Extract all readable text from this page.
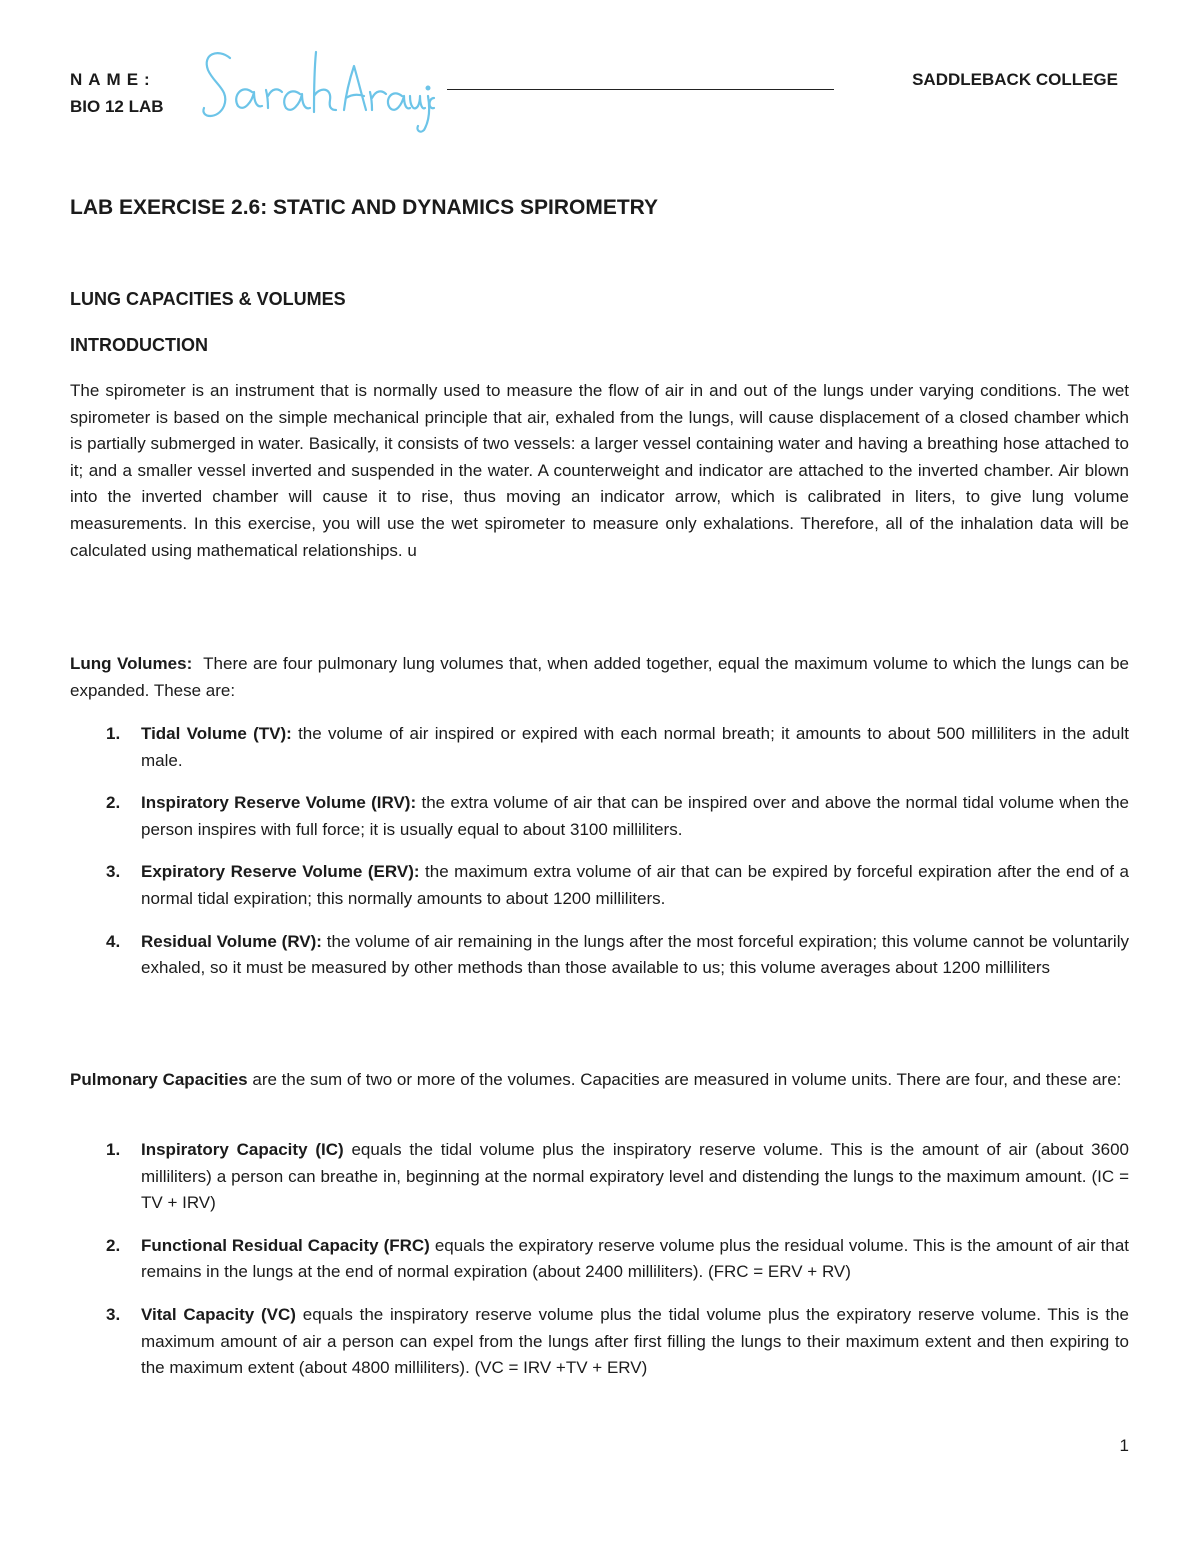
NAME:
BIO 12 LAB
SADDLEBACK COLLEGE
LAB EXERCISE 2.6: STATIC AND DYNAMICS SPIROMETRY
LUNG CAPACITIES & VOLUMES
INTRODUCTION

The spirometer is an instrument that is normally used to measure the flow of air in and out of the lungs under varying conditions. The wet spirometer is based on the simple mechanical principle that air, exhaled from the lungs, will cause displacement of a closed chamber which is partially submerged in water. Basically, it consists of two vessels: a larger vessel containing water and having a breathing hose attached to it; and a smaller vessel inverted and suspended in the water. A counterweight and indicator are attached to the inverted chamber. Air blown into the inverted chamber will cause it to rise, thus moving an indicator arrow, which is calibrated in liters, to give lung volume measurements. In this exercise, you will use the wet spirometer to measure only exhalations. Therefore, all of the inhalation data will be calculated using mathematical relationships. u

Lung Volumes: There are four pulmonary lung volumes that, when added together, equal the maximum volume to which the lungs can be expanded. These are:

1. Tidal Volume (TV): the volume of air inspired or expired with each normal breath; it amounts to about 500 milliliters in the adult male.
2. Inspiratory Reserve Volume (IRV): the extra volume of air that can be inspired over and above the normal tidal volume when the person inspires with full force; it is usually equal to about 3100 milliliters.
3. Expiratory Reserve Volume (ERV): the maximum extra volume of air that can be expired by forceful expiration after the end of a normal tidal expiration; this normally amounts to about 1200 milliliters.
4. Residual Volume (RV): the volume of air remaining in the lungs after the most forceful expiration; this volume cannot be voluntarily exhaled, so it must be measured by other methods than those available to us; this volume averages about 1200 milliliters

Pulmonary Capacities are the sum of two or more of the volumes. Capacities are measured in volume units. There are four, and these are:

1. Inspiratory Capacity (IC) equals the tidal volume plus the inspiratory reserve volume. This is the amount of air (about 3600 milliliters) a person can breathe in, beginning at the normal expiratory level and distending the lungs to the maximum amount. (IC = TV + IRV)
2. Functional Residual Capacity (FRC) equals the expiratory reserve volume plus the residual volume. This is the amount of air that remains in the lungs at the end of normal expiration (about 2400 milliliters). (FRC = ERV + RV)
3. Vital Capacity (VC) equals the inspiratory reserve volume plus the tidal volume plus the expiratory reserve volume. This is the maximum amount of air a person can expel from the lungs after first filling the lungs to their maximum extent and then expiring to the maximum extent (about 4800 milliliters). (VC = IRV +TV + ERV)
1
